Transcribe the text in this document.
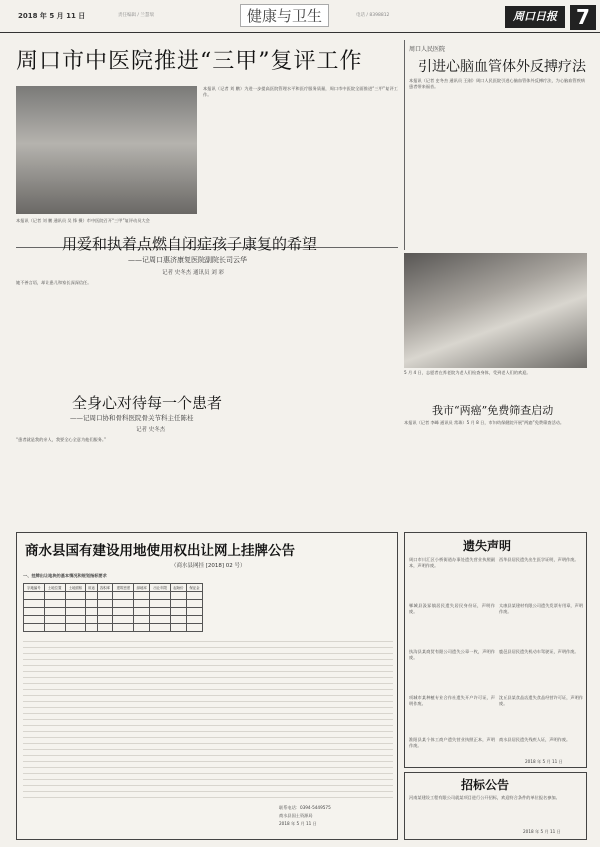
2018 年 5 月 11 日	责任编辑 / 兰慧瑞	健康与卫生	电话 / 8398812	周口日报 7
周口市中医院推进“三甲”复评工作
本报讯（记者 刘 鹏 通讯员 吴 锋 摄）市中医院召开“三甲”复评动员大会
本报讯（记者 刘 鹏）为进一步提高医院管理水平和医疗服务质量，周口市中医院全面推进“三甲”复评工作。
周口人民医院
引进心脑血管体外反搏疗法
本报讯（记者 史冬杰 通讯员 王刚）周口人民医院引进心脑血管体外反搏疗法，为心脑血管疾病患者带来福音。
用爱和执着点燃自闭症孩子康复的希望
——记周口惠济康复医院副院长司云华
记者 史冬杰 通讯员 刘 彩
她不善言语，却让患儿和家长深深信任。
5 月 4 日，志愿者在养老院为老人们检查身体，受到老人们的欢迎。
全身心对待每一个患者
——记周口协和骨科医院骨关节科主任陈桂
记者 史冬杰
“患者就是我的亲人，我要全心全意为他们服务。”
我市“两癌”免费筛查启动
本报讯（记者 李峰 通讯员 常珠）5 月 8 日，市妇幼保健院开展“两癌”免费筛查活动。
商水县国有建设用地使用权出让网上挂牌公告
（商水县网挂 [2018] 02 号）
一、挂牌出让地块的基本情况和规划指标要求
宗地编号	土地位置	土地面积	用途	容积率	建筑密度	绿地率	出让年限	起始价	保证金

联系电话：0394-5449575
商水县国土资源局
2018 年 5 月 11 日
遗失声明
周口市川汇区小桥街道办事处遗失营业执照副本，声明作废。
郸城县汲冢镇居民遗失居民身份证，声明作废。
扶沟县某商贸有限公司遗失公章一枚，声明作废。
项城市某种植专业合作社遗失开户许可证，声明作废。
淮阳县某个体工商户遗失营业执照正本，声明作废。
西华县居民遗失出生医学证明，声明作废。
太康县某建材有限公司遗失发票专用章，声明作废。
鹿邑县居民遗失机动车驾驶证，声明作废。
沈丘县某食品店遗失食品经营许可证，声明作废。
商水县居民遗失残疾人证，声明作废。
2018 年 5 月 11 日
招标公告
河南某建设工程有限公司就某项目进行公开招标，欢迎符合条件的单位报名参加。
2018 年 5 月 11 日
